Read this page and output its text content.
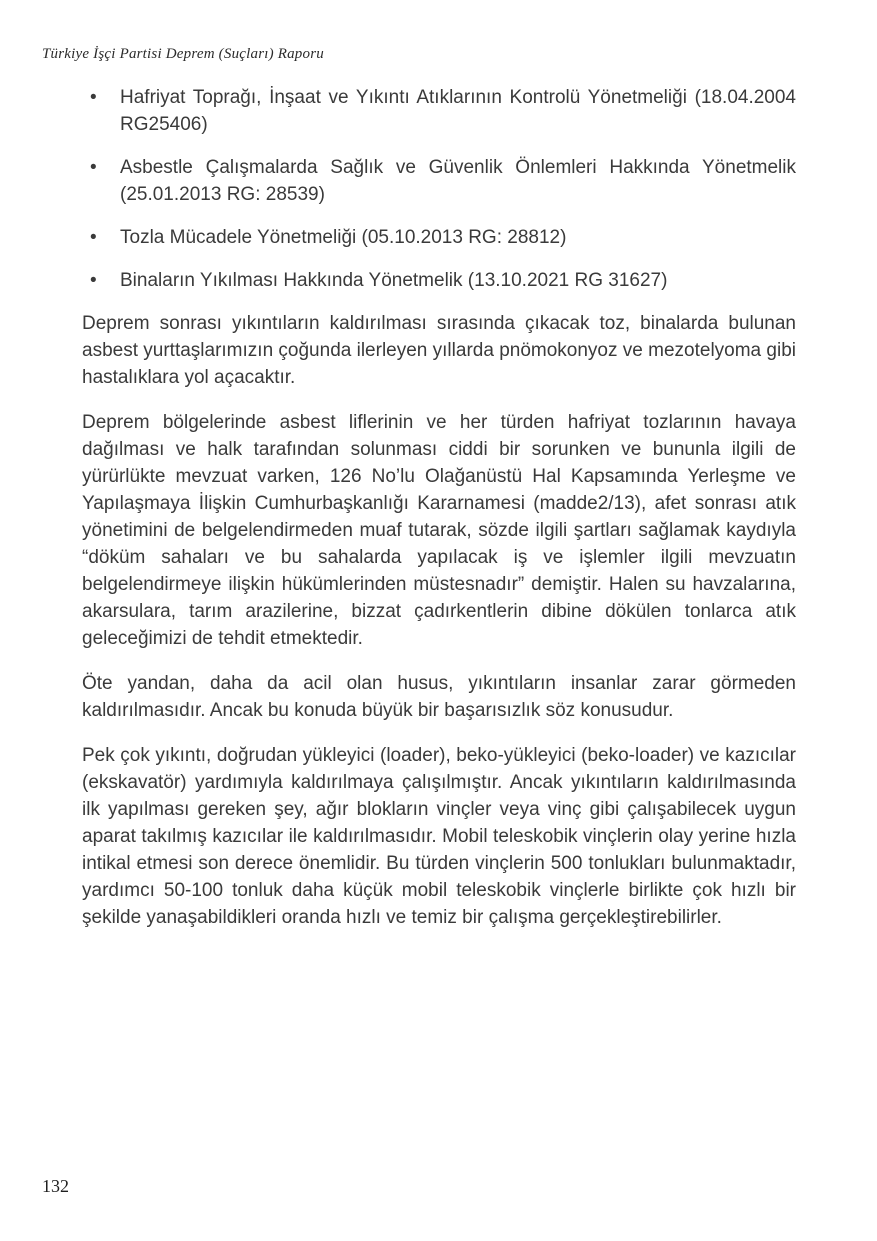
Türkiye İşçi Partisi Deprem (Suçları) Raporu
•	Hafriyat Toprağı, İnşaat ve Yıkıntı Atıklarının Kontrolü Yönetmeliği (18.04.2004 RG25406)
•	Asbestle Çalışmalarda Sağlık ve Güvenlik Önlemleri Hakkında Yönetmelik (25.01.2013 RG: 28539)
•	Tozla Mücadele Yönetmeliği (05.10.2013 RG: 28812)
•	Binaların Yıkılması Hakkında Yönetmelik (13.10.2021 RG 31627)

Deprem sonrası yıkıntıların kaldırılması sırasında çıkacak toz, binalarda bulunan asbest yurttaşlarımızın çoğunda ilerleyen yıllarda pnömokonyoz ve mezotelyoma gibi hastalıklara yol açacaktır.

Deprem bölgelerinde asbest liflerinin ve her türden hafriyat tozlarının havaya dağılması ve halk tarafından solunması ciddi bir sorunken ve bununla ilgili de yürürlükte mevzuat varken, 126 No’lu Olağanüstü Hal Kapsamında Yerleşme ve Yapılaşmaya İlişkin Cumhurbaşkanlığı Kararnamesi (madde2/13), afet sonrası atık yönetimini de belgelendirmeden muaf tutarak, sözde ilgili şartları sağlamak kaydıyla “döküm sahaları ve bu sahalarda yapılacak iş ve işlemler ilgili mevzuatın belgelendirmeye ilişkin hükümlerinden müstesnadır” demiştir. Halen su havzalarına, akarsulara, tarım arazilerine, bizzat çadırkentlerin dibine dökülen tonlarca atık geleceğimizi de tehdit etmektedir.

Öte yandan, daha da acil olan husus, yıkıntıların insanlar zarar görmeden kaldırılmasıdır. Ancak bu konuda büyük bir başarısızlık söz konusudur.

Pek çok yıkıntı, doğrudan yükleyici (loader), beko-yükleyici (beko-loader) ve kazıcılar (ekskavatör) yardımıyla kaldırılmaya çalışılmıştır. Ancak yıkıntıların kaldırılmasında ilk yapılması gereken şey, ağır blokların vinçler veya vinç gibi çalışabilecek uygun aparat takılmış kazıcılar ile kaldırılmasıdır. Mobil teleskobik vinçlerin olay yerine hızla intikal etmesi son derece önemlidir. Bu türden vinçlerin 500 tonlukları bulunmaktadır, yardımcı 50-100 tonluk daha küçük mobil teleskobik vinçlerle birlikte çok hızlı bir şekilde yanaşabildikleri oranda hızlı ve temiz bir çalışma gerçekleştirebilirler.

132
